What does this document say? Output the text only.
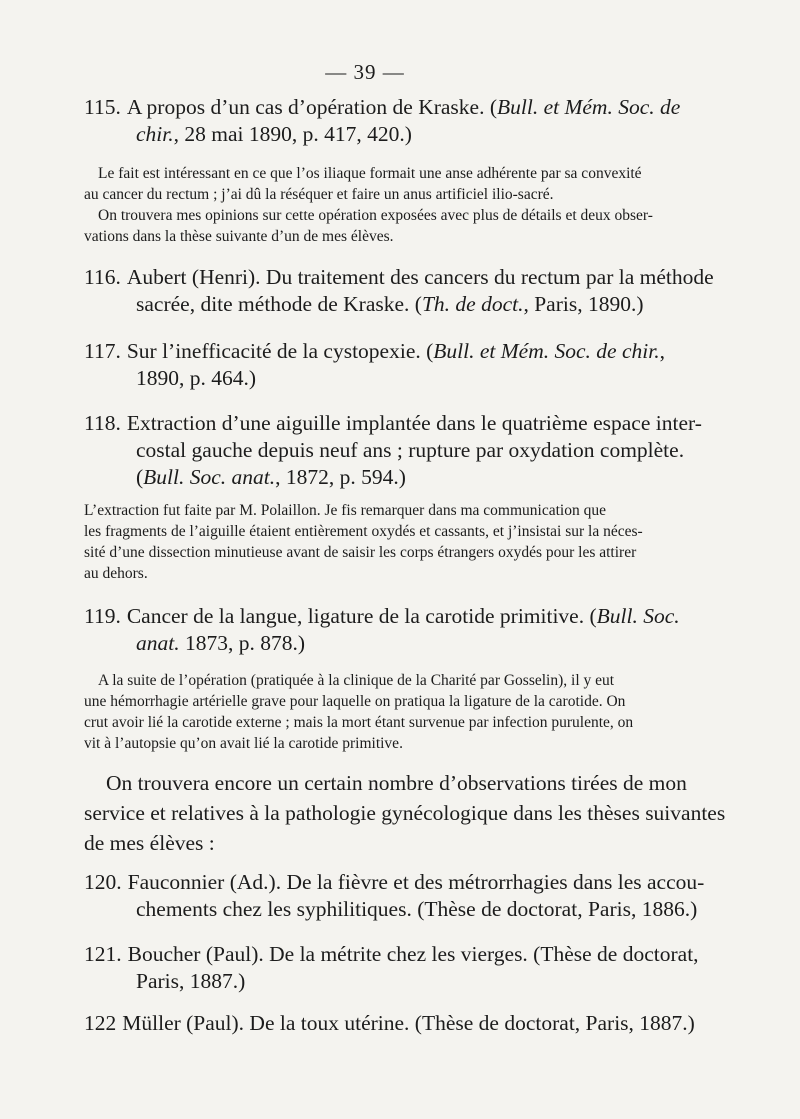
— 39 —
115. A propos d’un cas d’opération de Kraske. (Bull. et Mém. Soc. de
chir., 28 mai 1890, p. 417, 420.)
Le fait est intéressant en ce que l’os iliaque formait une anse adhérente par sa convexité
au cancer du rectum ; j’ai dû la réséquer et faire un anus artificiel ilio-sacré.
On trouvera mes opinions sur cette opération exposées avec plus de détails et deux obser-
vations dans la thèse suivante d’un de mes élèves.
116. Aubert (Henri). Du traitement des cancers du rectum par la méthode
sacrée, dite méthode de Kraske. (Th. de doct., Paris, 1890.)
117. Sur l’inefficacité de la cystopexie. (Bull. et Mém. Soc. de chir.,
1890, p. 464.)
118. Extraction d’une aiguille implantée dans le quatrième espace inter-
costal gauche depuis neuf ans ; rupture par oxydation complète.
(Bull. Soc. anat., 1872, p. 594.)
L’extraction fut faite par M. Polaillon. Je fis remarquer dans ma communication que
les fragments de l’aiguille étaient entièrement oxydés et cassants, et j’insistai sur la néces-
sité d’une dissection minutieuse avant de saisir les corps étrangers oxydés pour les attirer
au dehors.
119. Cancer de la langue, ligature de la carotide primitive. (Bull. Soc.
anat. 1873, p. 878.)
A la suite de l’opération (pratiquée à la clinique de la Charité par Gosselin), il y eut
une hémorrhagie artérielle grave pour laquelle on pratiqua la ligature de la carotide. On
crut avoir lié la carotide externe ; mais la mort étant survenue par infection purulente, on
vit à l’autopsie qu’on avait lié la carotide primitive.
On trouvera encore un certain nombre d’observations tirées de mon
service et relatives à la pathologie gynécologique dans les thèses suivantes
de mes élèves :
120. Fauconnier (Ad.). De la fièvre et des métrorrhagies dans les accou-
chements chez les syphilitiques. (Thèse de doctorat, Paris, 1886.)
121. Boucher (Paul). De la métrite chez les vierges. (Thèse de doctorat,
Paris, 1887.)
122 Müller (Paul). De la toux utérine. (Thèse de doctorat, Paris, 1887.)
